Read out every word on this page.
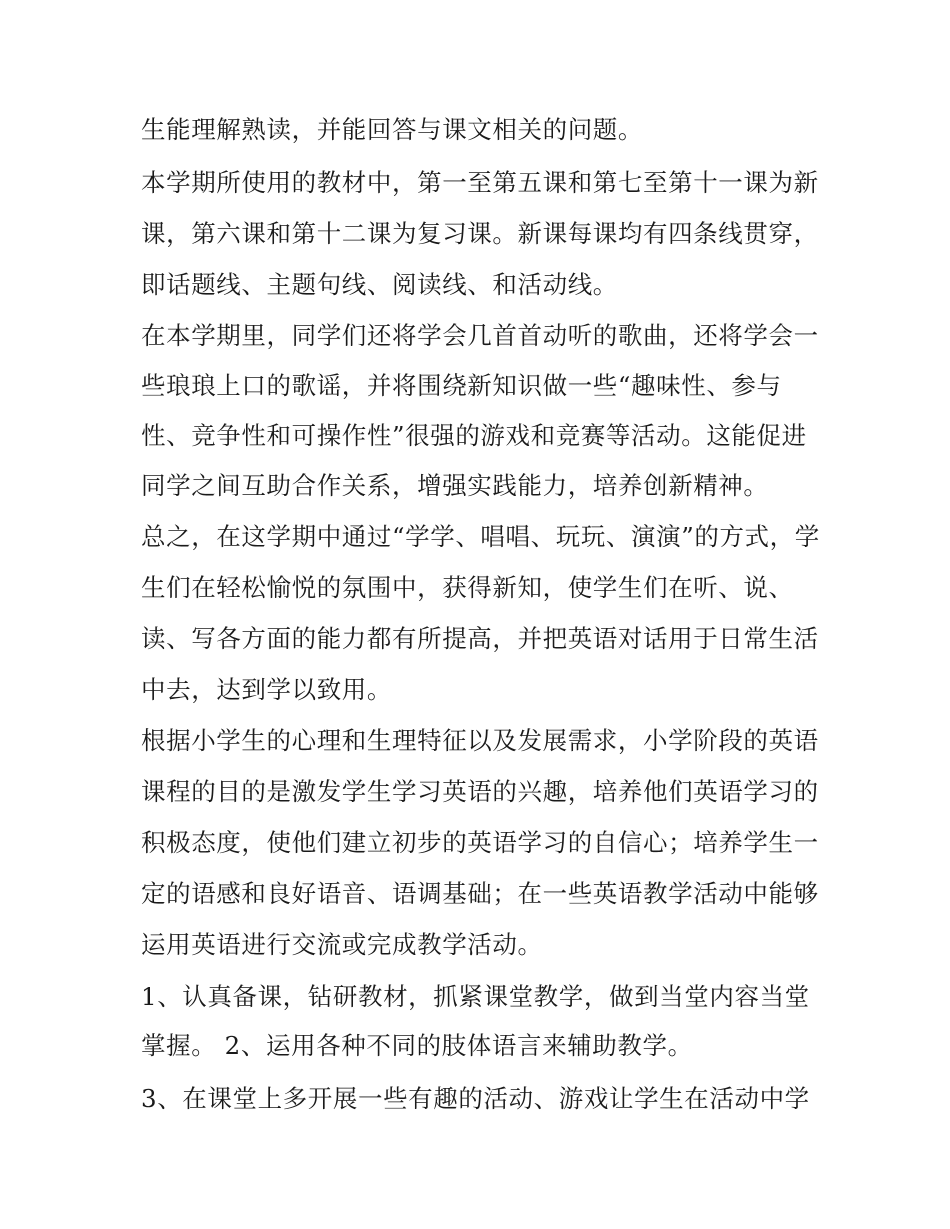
生能理解熟读，并能回答与课文相关的问题。
本学期所使用的教材中，第一至第五课和第七至第十一课为新
课，第六课和第十二课为复习课。新课每课均有四条线贯穿，
即话题线、主题句线、阅读线、和活动线。
在本学期里，同学们还将学会几首首动听的歌曲，还将学会一
些琅琅上口的歌谣，并将围绕新知识做一些“趣味性、参与
性、竞争性和可操作性”很强的游戏和竞赛等活动。这能促进
同学之间互助合作关系，增强实践能力，培养创新精神。
总之，在这学期中通过“学学、唱唱、玩玩、演演”的方式，学
生们在轻松愉悦的氛围中，获得新知，使学生们在听、说、
读、写各方面的能力都有所提高，并把英语对话用于日常生活
中去，达到学以致用。
根据小学生的心理和生理特征以及发展需求，小学阶段的英语
课程的目的是激发学生学习英语的兴趣，培养他们英语学习的
积极态度，使他们建立初步的英语学习的自信心；培养学生一
定的语感和良好语音、语调基础；在一些英语教学活动中能够
运用英语进行交流或完成教学活动。
1、认真备课，钻研教材，抓紧课堂教学，做到当堂内容当堂
掌握。 2、运用各种不同的肢体语言来辅助教学。
3、在课堂上多开展一些有趣的活动、游戏让学生在活动中学
